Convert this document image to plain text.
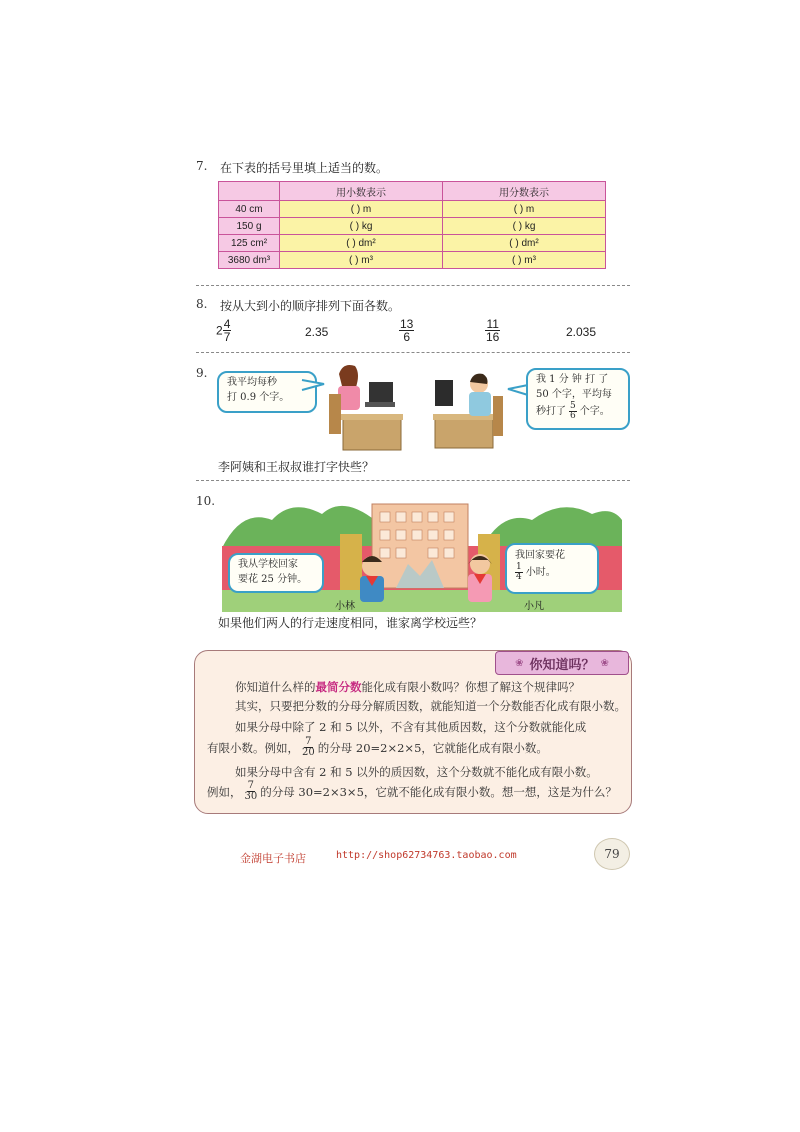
7. 在下表的括号里填上适当的数。
	用小数表示	用分数表示
40 cm	( ) m	( ) m
150 g	( ) kg	( ) kg
125 cm²	( ) dm²	( ) dm²
3680 dm³	( ) m³	( ) m³
8. 按从大到小的顺序排列下面各数。
$2 \frac{4}{7}$	2.35	$\frac{13}{6}$	$\frac{11}{16}$	2.035
9.
我平均每秒
打 0.9 个字。
我 1 分 钟 打 了
50 个字，平均每
秒打了 $\frac{5}{6}$ 个字。
李阿姨和王叔叔谁打字快些？
10.
我从学校回家
要花 25 分钟。
我回家要花
$\frac{1}{4}$ 小时。
小林	小凡
如果他们两人的行走速度相同，谁家离学校远些？
❀ 你知道吗？ ❀

你知道什么样的最简分数能化成有限小数吗？你想了解这个规律吗？

其实，只要把分数的分母分解质因数，就能知道一个分数能否化成有限小数。

如果分母中除了 2 和 5 以外，不含有其他质因数，这个分数就能化成

有限小数。例如， $\frac{7}{20}$ 的分母 20=2×2×5，它就能化成有限小数。

如果分母中含有 2 和 5 以外的质因数，这个分数就不能化成有限小数。

例如， $\frac{7}{30}$ 的分母 30=2×3×5，它就不能化成有限小数。想一想，这是为什么？

金湖电子书店	http://shop62734763.taobao.com	79
